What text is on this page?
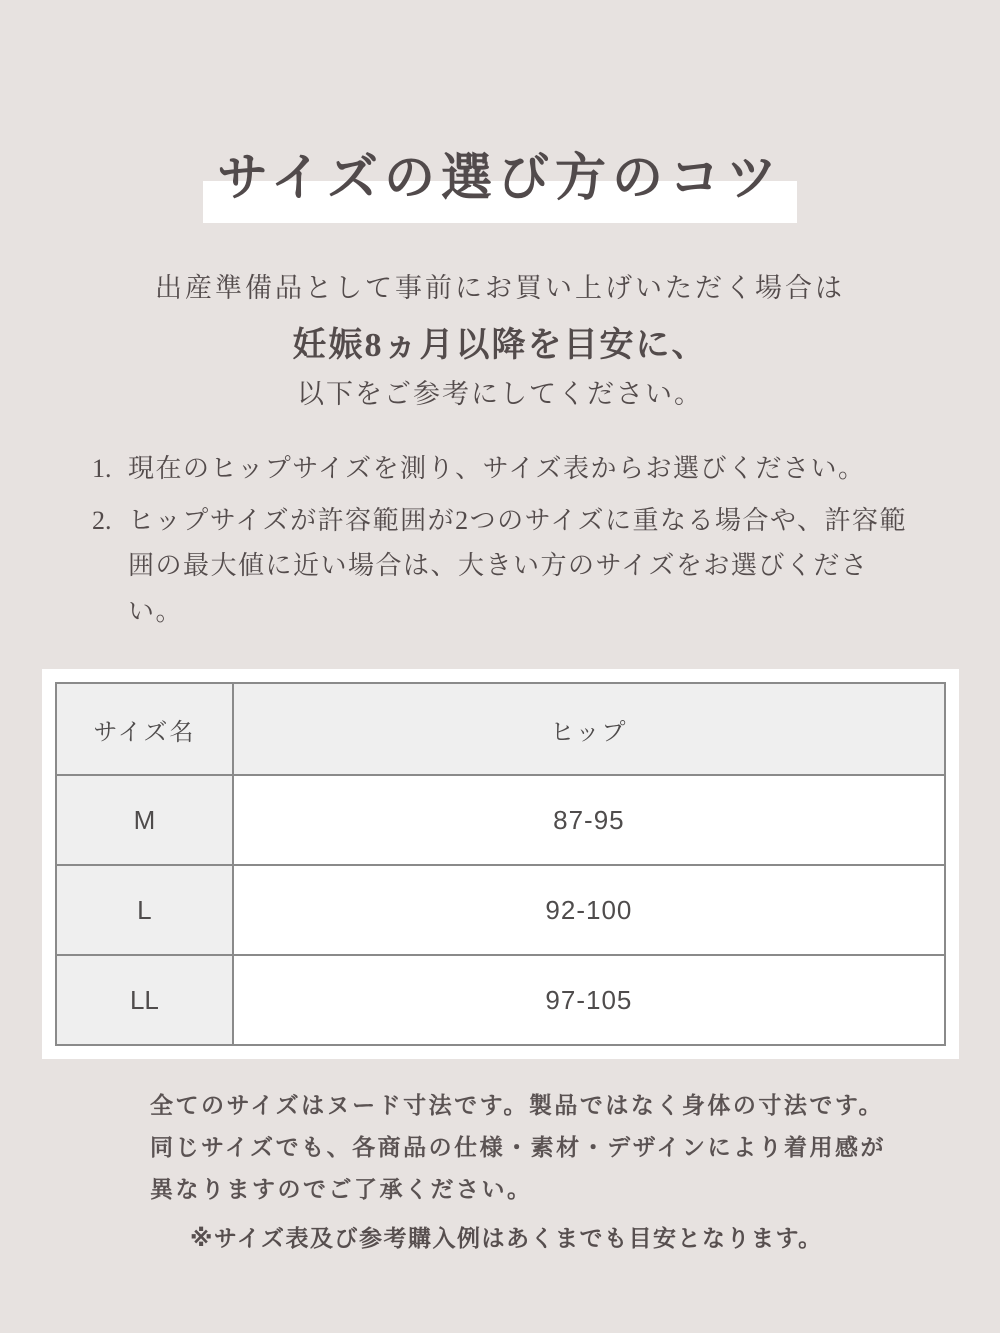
サイズの選び方のコツ
出産準備品として事前にお買い上げいただく場合は
妊娠8ヵ月以降を目安に、
以下をご参考にしてください。
1. 現在のヒップサイズを測り、サイズ表からお選びください。
2. ヒップサイズが許容範囲が2つのサイズに重なる場合や、許容範囲の最大値に近い場合は、大きい方のサイズをお選びください。
サイズ名	ヒップ
M	87-95
L	92-100
LL	97-105
全てのサイズはヌード寸法です。製品ではなく身体の寸法です。
同じサイズでも、各商品の仕様・素材・デザインにより着用感が
異なりますのでご了承ください。
※サイズ表及び参考購入例はあくまでも目安となります。
